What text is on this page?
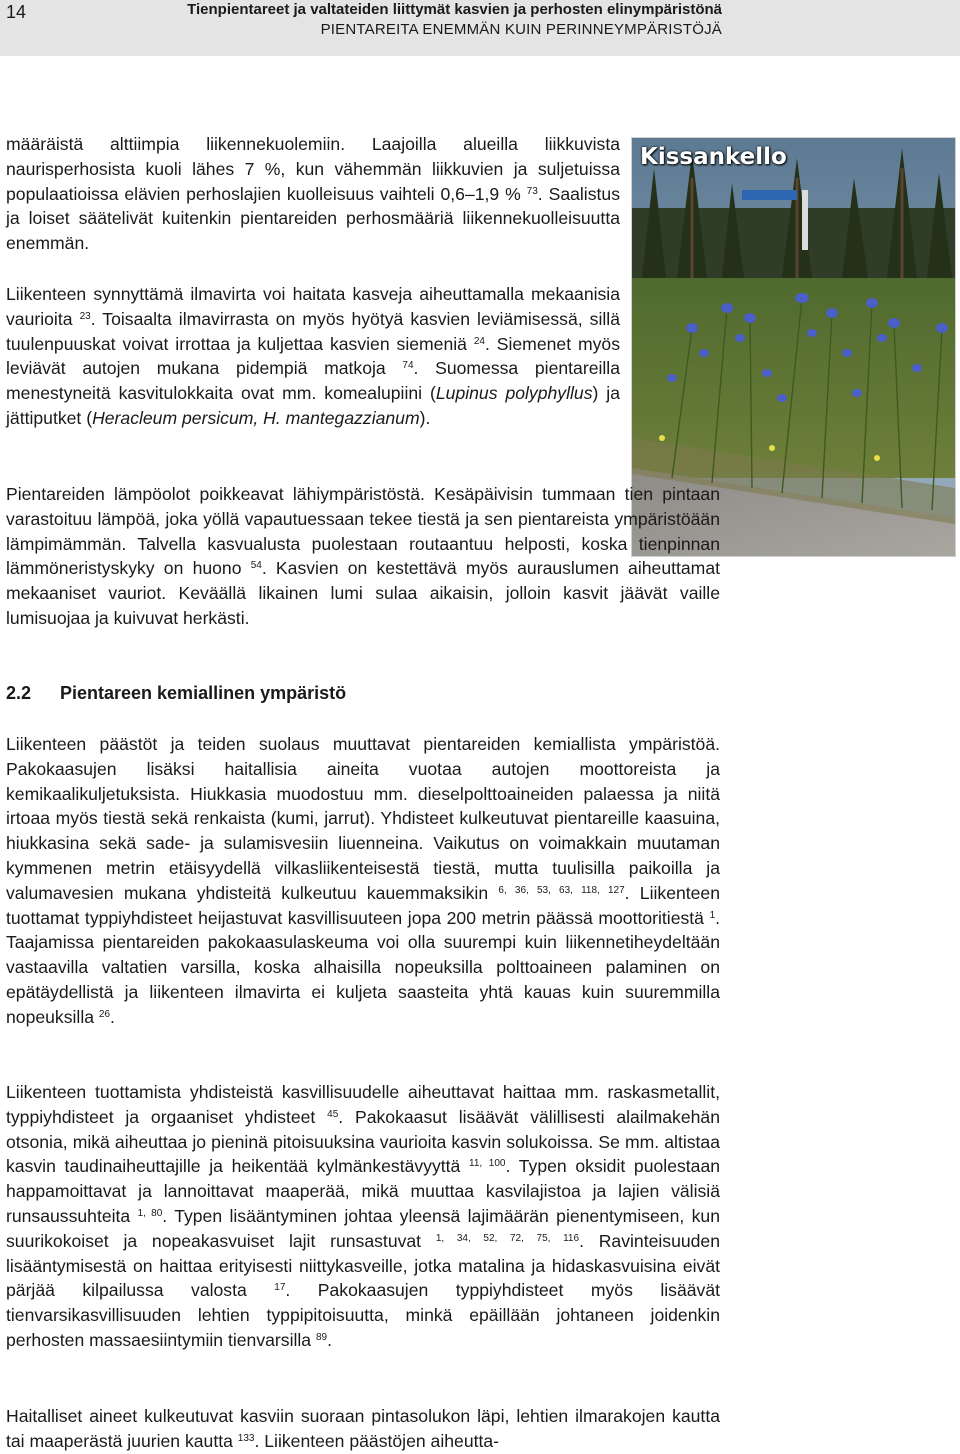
14	Tienpientareet ja valtateiden liittymät kasvien ja perhosten elinympäristönä
PIENTAREITA ENEMMÄN KUIN PERINNEYMPÄRISTÖJÄ
Kissankello

määräistä alttiimpia liikennekuolemiin. Laajoilla alueilla liikkuvista naurisperhosista kuoli lähes 7 %, kun vähemmän liikkuvien ja suljetuissa populaatioissa elävien perhoslajien kuolleisuus vaihteli 0,6–1,9 % $^{73}$. Saalistus ja loiset säätelivät kuitenkin pientareiden perhosmääriä liikennekuolleisuutta enemmän.

Liikenteen synnyttämä ilmavirta voi haitata kasveja aiheuttamalla mekaanisia vaurioita $^{23}$. Toisaalta ilmavirrasta on myös hyötyä kasvien leviämisessä, sillä tuulenpuuskat voivat irrottaa ja kuljettaa kasvien siemeniä $^{24}$. Siemenet myös leviävät autojen mukana pidempiä matkoja $^{74}$. Suomessa pientareilla menestyneitä kasvitulokkaita ovat mm. komealupiini (Lupinus polyphyllus) ja jättiputket (Heracleum persicum, H. mantegazzianum).

Pientareiden lämpöolot poikkeavat lähiympäristöstä. Kesäpäivisin tummaan tien pintaan varastoituu lämpöä, joka yöllä vapautuessaan tekee tiestä ja sen pientareista ympäristöään lämpimämmän. Talvella kasvualusta puolestaan routaantuu helposti, koska tienpinnan lämmöneristyskyky on huono $^{54}$. Kasvien on kestettävä myös aurauslumen aiheuttamat mekaaniset vauriot. Keväällä likainen lumi sulaa aikaisin, jolloin kasvit jäävät vaille lumisuojaa ja kuivuvat herkästi.

2.2 Pientareen kemiallinen ympäristö

Liikenteen päästöt ja teiden suolaus muuttavat pientareiden kemiallista ympäristöä. Pakokaasujen lisäksi haitallisia aineita vuotaa autojen moottoreista ja kemikaalikuljetuksista. Hiukkasia muodostuu mm. dieselpolttoaineiden palaessa ja niitä irtoaa myös tiestä sekä renkaista (kumi, jarrut). Yhdisteet kulkeutuvat pientareille kaasuina, hiukkasina sekä sade- ja sulamisvesiin liuenneina. Vaikutus on voimakkain muutaman kymmenen metrin etäisyydellä vilkasliikenteisestä tiestä, mutta tuulisilla paikoilla ja valumavesien mukana yhdisteitä kulkeutuu kauemmaksikin $^{6, 36, 53, 63, 118, 127}$. Liikenteen tuottamat typpiyhdisteet heijastuvat kasvillisuuteen jopa 200 metrin päässä moottoritiestä $^1$. Taajamissa pientareiden pakokaasulaskeuma voi olla suurempi kuin liikennetiheydeltään vastaavilla valtatien varsilla, koska alhaisilla nopeuksilla polttoaineen palaminen on epätäydellistä ja liikenteen ilmavirta ei kuljeta saasteita yhtä kauas kuin suuremmilla nopeuksilla $^{26}$.

Liikenteen tuottamista yhdisteistä kasvillisuudelle aiheuttavat haittaa mm. raskasmetallit, typpiyhdisteet ja orgaaniset yhdisteet $^{45}$. Pakokaasut lisäävät välillisesti alailmakehän otsonia, mikä aiheuttaa jo pieninä pitoisuuksina vaurioita kasvin solukoissa. Se mm. altistaa kasvin taudinaiheuttajille ja heikentää kylmänkestävyyttä $^{11, 100}$. Typen oksidit puolestaan happamoittavat ja lannoittavat maaperää, mikä muuttaa kasvilajistoa ja lajien välisiä runsaussuhteita $^{1, 80}$. Typen lisääntyminen johtaa yleensä lajimäärän pienentymiseen, kun suurikokoiset ja nopeakasvuiset lajit runsastuvat $^{1, 34, 52, 72, 75, 116}$. Ravinteisuuden lisääntymisestä on haittaa erityisesti niittykasveille, jotka matalina ja hidaskasvuisina eivät pärjää kilpailussa valosta	$^{17}$. Pakokaasujen typpiyhdisteet myös lisäävät tienvarsikasvillisuuden lehtien typpipitoisuutta, minkä epäillään johtaneen joidenkin perhosten massaesiintymiin tienvarsilla $^{89}$.

Haitalliset aineet kulkeutuvat kasviin suoraan pintasolukon läpi, lehtien ilmarakojen kautta tai maaperästä juurien kautta $^{133}$. Liikenteen päästöjen aiheutta-
